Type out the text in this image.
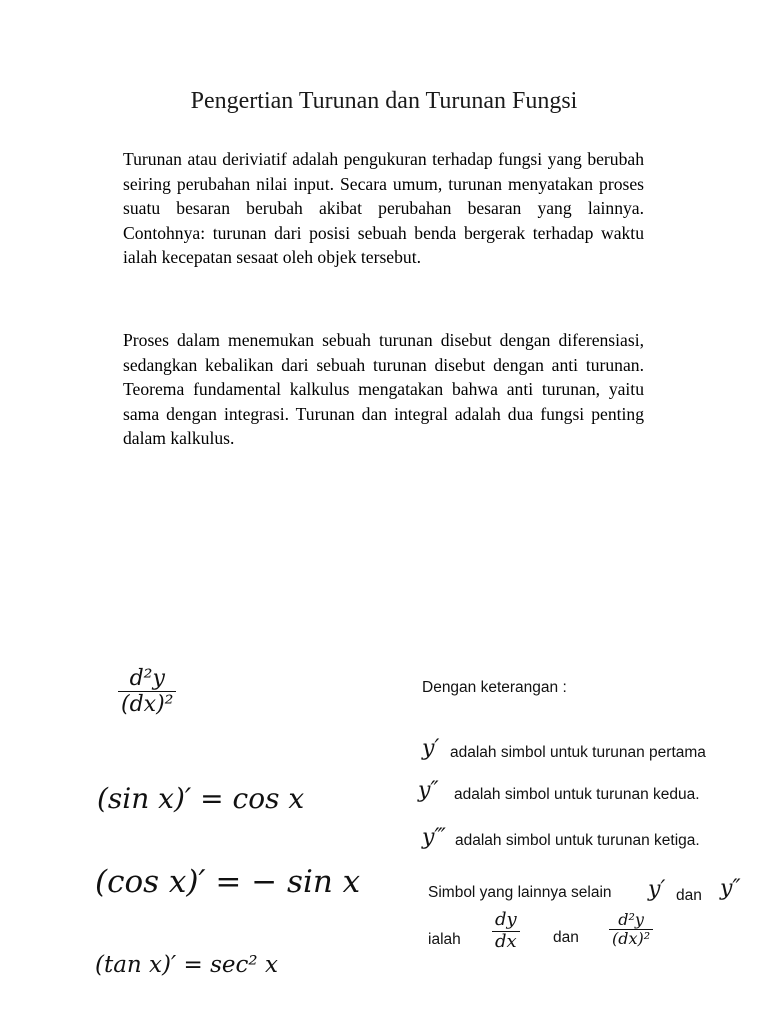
Pengertian Turunan dan Turunan Fungsi

Turunan atau deriviatif adalah pengukuran terhadap fungsi yang berubah seiring perubahan nilai input. Secara umum, turunan menyatakan proses suatu besaran berubah akibat perubahan besaran yang lainnya. Contohnya: turunan dari posisi sebuah benda bergerak terhadap waktu ialah kecepatan sesaat oleh objek tersebut.

Proses dalam menemukan sebuah turunan disebut dengan diferensiasi, sedangkan kebalikan dari sebuah turunan disebut dengan anti turunan. Teorema fundamental kalkulus mengatakan bahwa anti turunan, yaitu sama dengan integrasi. Turunan dan integral adalah dua fungsi penting dalam kalkulus.

$\frac{\text{d²y}}{\text{(dx)²}}$
(sin x)′ = cos x
(cos x)′ = − sin x
(tan x)′ = sec² x
Dengan keterangan :
y′ adalah simbol untuk turunan pertama
y″ adalah simbol untuk turunan kedua.
y‴ adalah simbol untuk turunan ketiga.
Simbol yang lainnya selain y′ dan y″
ialah $\frac{dy}{dx}$ dan $\frac{\text{d²y}}{\text{(dx)²}}$
